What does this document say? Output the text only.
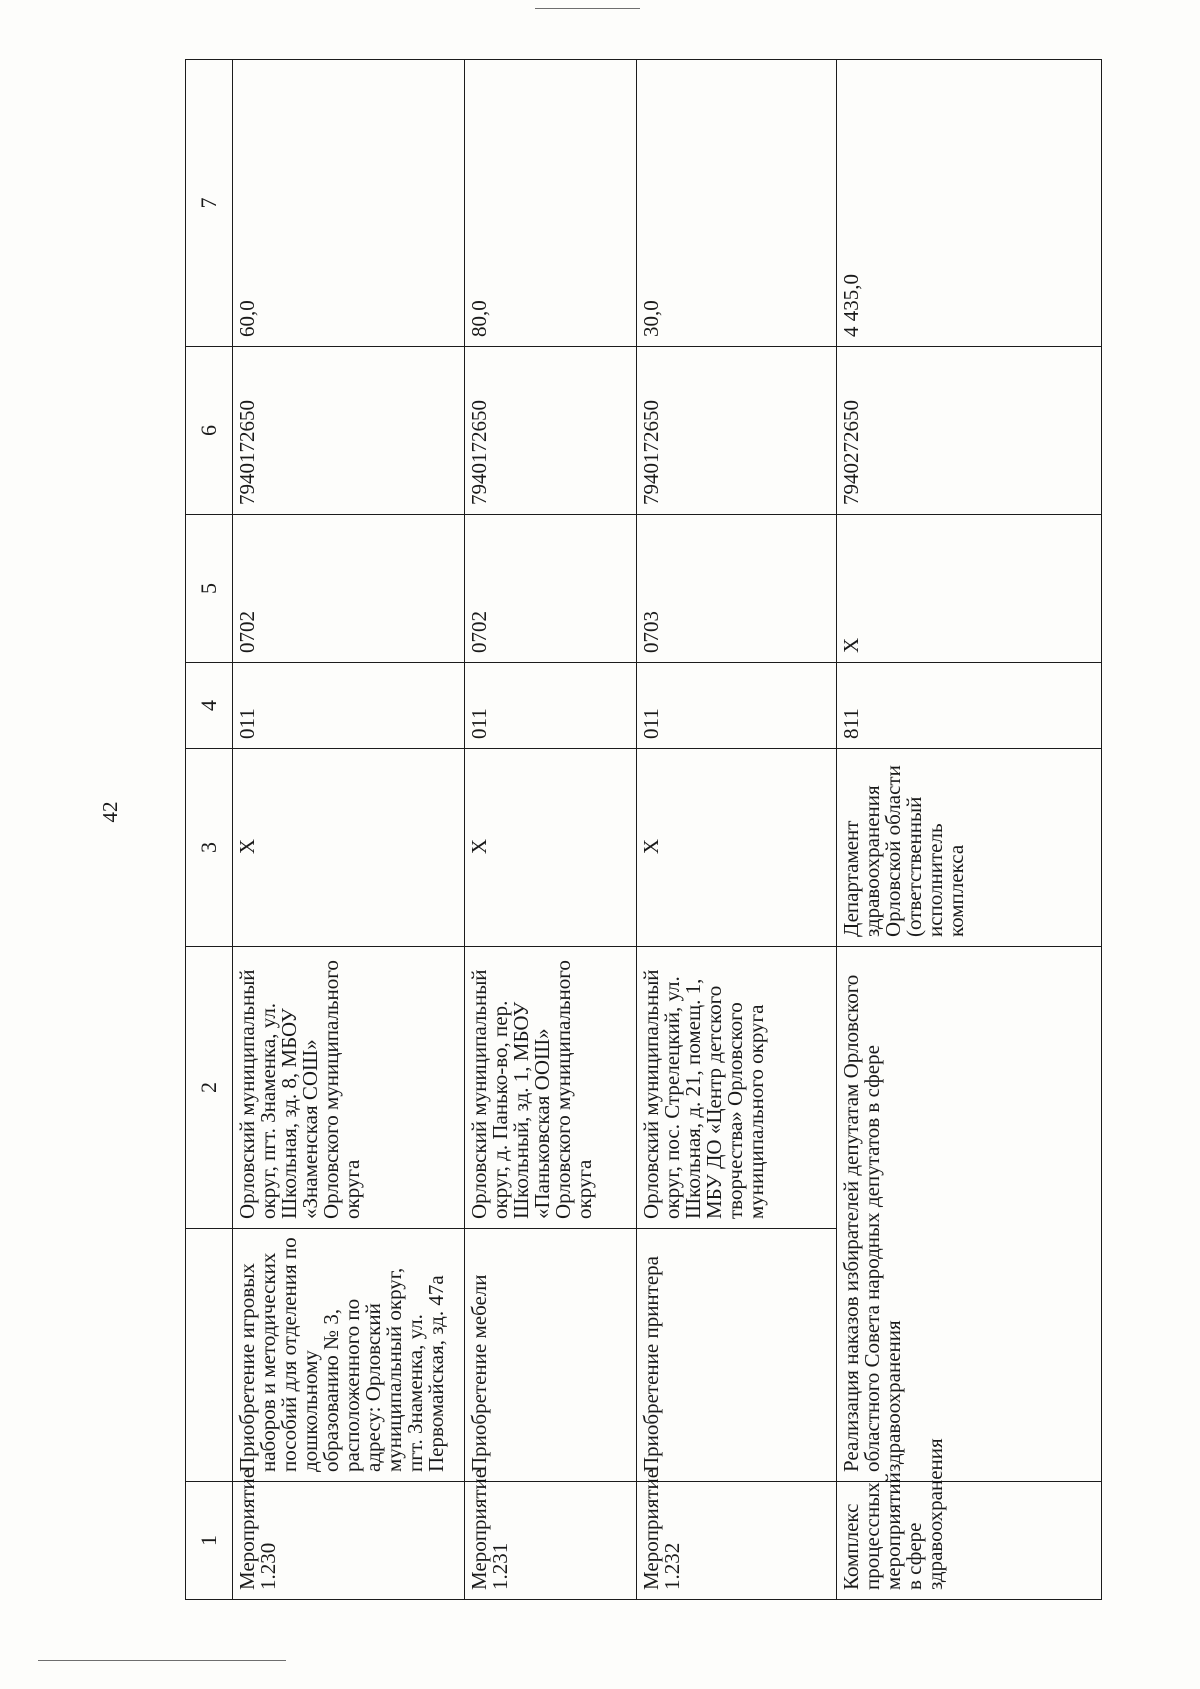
42
1		2	3	4	5	6	7
Мероприятие 1.230	Приобретение игровых наборов и методических пособий для отделения по дошкольному образованию № 3, расположенного по адресу: Орловский муниципальный округ, пгт. Знаменка, ул. Первомайская, зд. 47а	Орловский муниципальный округ, пгт. Знаменка, ул. Школьная, зд. 8, МБОУ «Знаменская СОШ» Орловского муниципального округа	X	011	0702	7940172650	60,0
Мероприятие 1.231	Приобретение мебели	Орловский муниципальный округ, д. Панько-во, пер. Школьный, зд. 1, МБОУ «Паньковская ООШ» Орловского муниципального округа	X	011	0702	7940172650	80,0
Мероприятие 1.232	Приобретение принтера	Орловский муниципальный округ, пос. Стрелецкий, ул. Школьная, д. 21, помещ. 1, МБУ ДО «Центр детского творчества» Орловского муниципального округа	X	011	0703	7940172650	30,0
Комплекс процессных мероприятий в сфере здравоохранения	Реализация наказов избирателей депутатам Орловского областного Совета народных депутатов в сфере здравоохранения		Департамент здравоохранения Орловской области (ответственный исполнитель комплекса	811	X	7940272650	4 435,0
